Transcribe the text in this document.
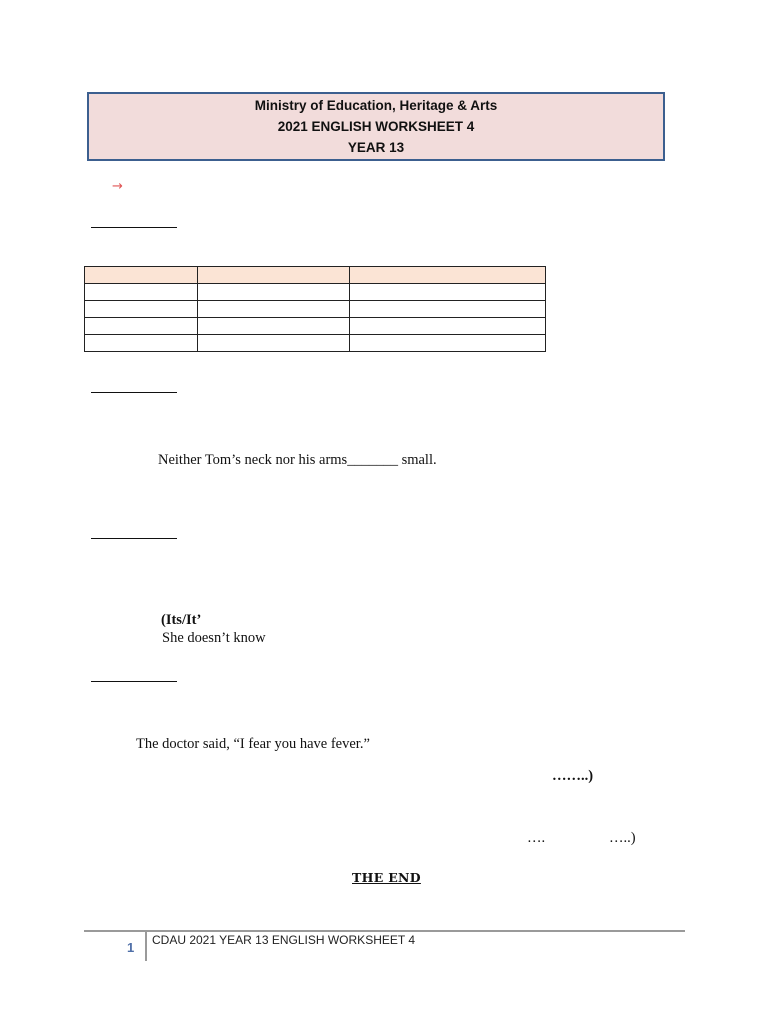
Ministry of Education, Heritage & Arts
2021 ENGLISH WORKSHEET 4
YEAR 13
→

Neither Tom’s neck nor his arms_______ small.
(Its/It’
She doesn’t know
The doctor said, “I fear you have fever.”
……..)
….	…..)
THE END
1 CDAU 2021 YEAR 13 ENGLISH WORKSHEET 4
